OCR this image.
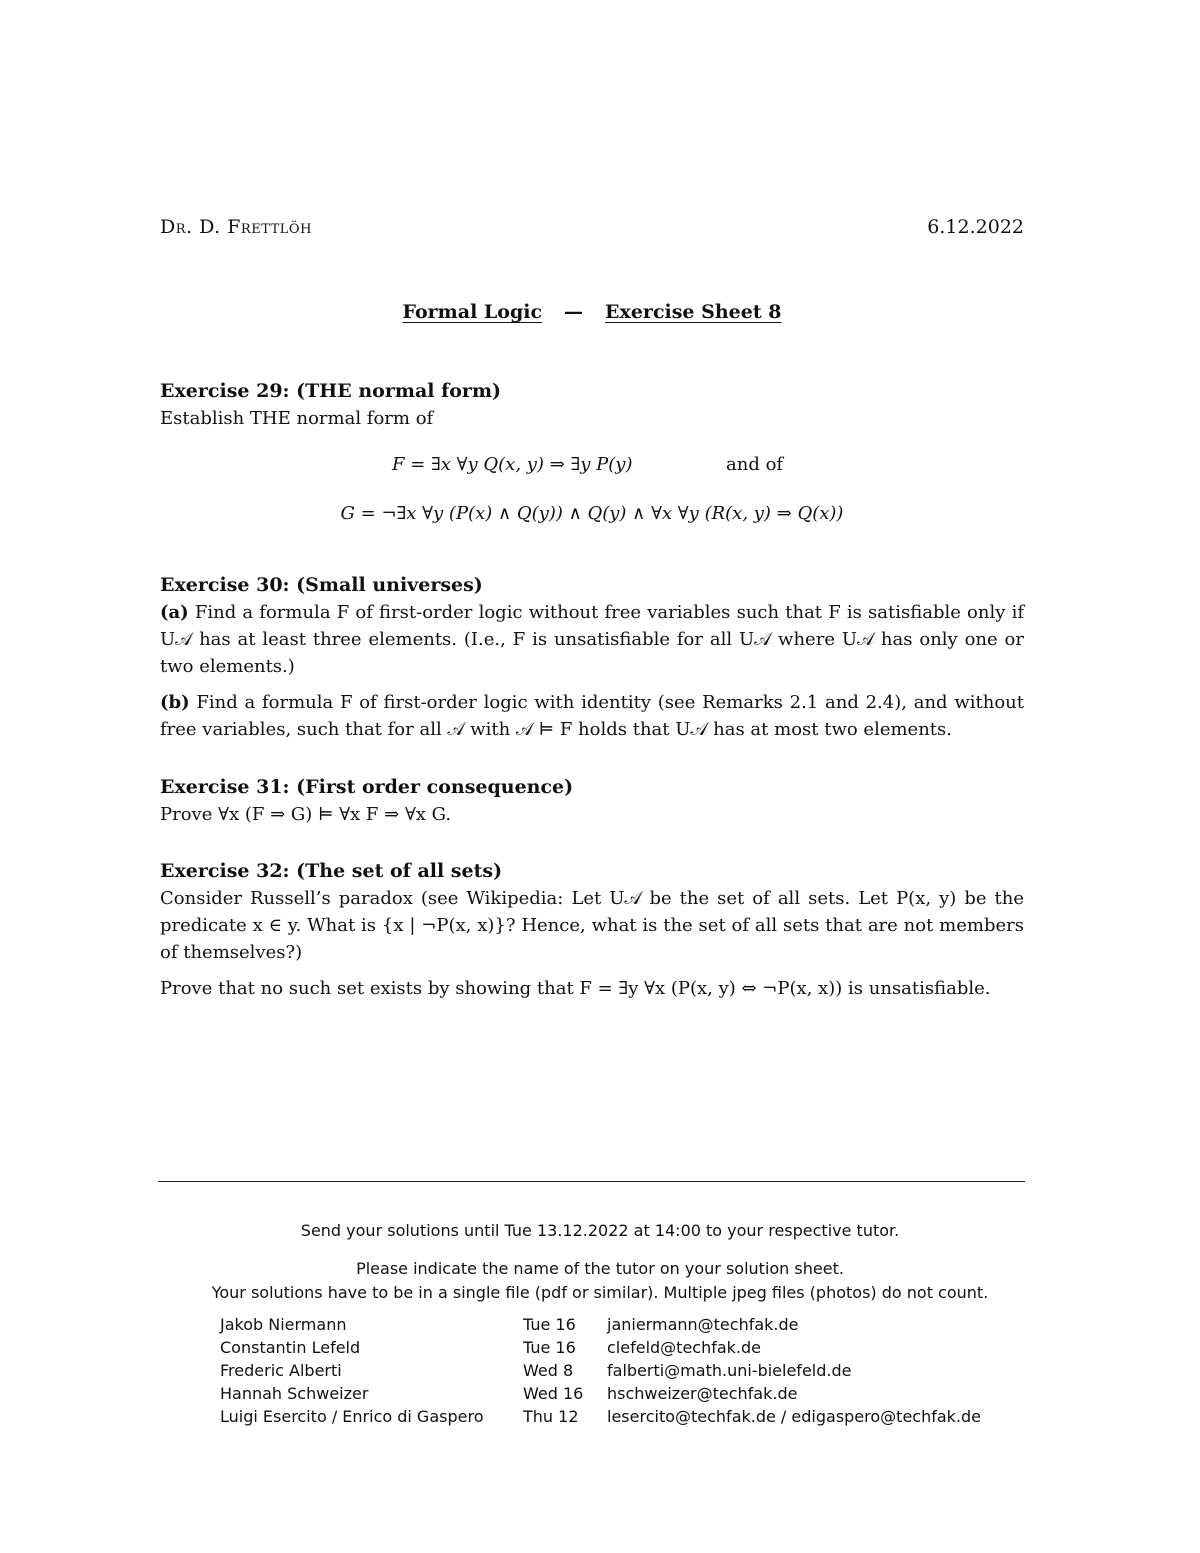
Dr. D. Frettlöh	6.12.2022
Formal Logic — Exercise Sheet 8
Exercise 29: (THE normal form)

Establish THE normal form of

F = ∃x ∀y Q(x, y) ⇒ ∃y P(y)	and of
G = ¬∃x ∀y (P(x) ∧ Q(y)) ∧ Q(y) ∧ ∀x ∀y (R(x, y) ⇒ Q(x))
Exercise 30: (Small universes)

(a) Find a formula F of first-order logic without free variables such that F is satisfiable only if U𝒜 has at least three elements. (I.e., F is unsatisfiable for all U𝒜 where U𝒜 has only one or two elements.)

(b) Find a formula F of first-order logic with identity (see Remarks 2.1 and 2.4), and without free variables, such that for all 𝒜 with 𝒜 ⊨ F holds that U𝒜 has at most two elements.

Exercise 31: (First order consequence)

Prove ∀x (F ⇒ G) ⊨ ∀x F ⇒ ∀x G.

Exercise 32: (The set of all sets)

Consider Russell’s paradox (see Wikipedia: Let U𝒜 be the set of all sets. Let P(x, y) be the predicate x ∈ y. What is {x | ¬P(x, x)}? Hence, what is the set of all sets that are not members of themselves?)

Prove that no such set exists by showing that F = ∃y ∀x (P(x, y) ⇔ ¬P(x, x)) is unsatisfiable.

Send your solutions until Tue 13.12.2022 at 14:00 to your respective tutor.
Please indicate the name of the tutor on your solution sheet.
Your solutions have to be in a single file (pdf or similar). Multiple jpeg files (photos) do not count.
Jakob Niermann	Tue 16	janiermann@techfak.de
Constantin Lefeld	Tue 16	clefeld@techfak.de
Frederic Alberti	Wed 8	falberti@math.uni-bielefeld.de
Hannah Schweizer	Wed 16	hschweizer@techfak.de
Luigi Esercito / Enrico di Gaspero	Thu 12	lesercito@techfak.de / edigaspero@techfak.de
